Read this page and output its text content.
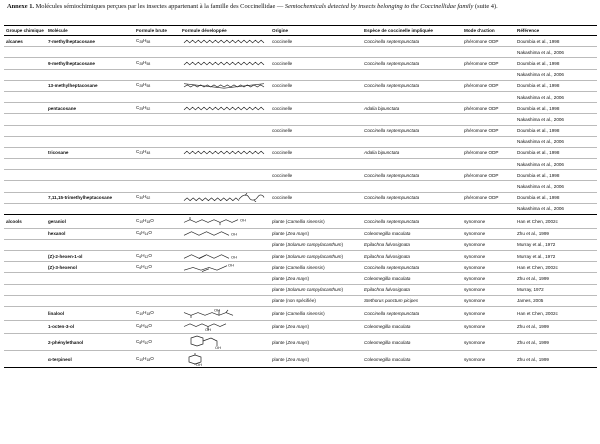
Annexe 1. Molécules sémiochimiques perçues par les insectes appartenant à la famille des Coccinellidae — Semiochemicals detected by insects belonging to the Coccinellidae family (suite 4).
Groupe chimique	Molécule	Formule brute	Formule développée	Origine	Espèce de coccinelle impliquée	Mode d'action	Référence
alcanes	7-methylheptacosane	$C_{28}H_{58}$		coccinelle	Coccinella septempunctata	phéromone ODP	Doumbia et al., 1998
							Nakashima et al., 2006
	9-methylheptacosane	$C_{28}H_{58}$		coccinelle	Coccinella septempunctata	phéromone ODP	Doumbia et al., 1998
							Nakashima et al., 2006
	13-methylheptacosane	$C_{28}H_{58}$		coccinelle	Coccinella septempunctata	phéromone ODP	Doumbia et al., 1998
							Nakashima et al., 2006
	pentacosane	$C_{25}H_{52}$		coccinelle	Adalia bipunctata	phéromone ODP	Doumbia et al., 1998
							Nakashima et al., 2006
				coccinelle	Coccinella septempunctata	phéromone ODP	Doumbia et al., 1998
							Nakashima et al., 2006
	tricosane	$C_{23}H_{48}$		coccinelle	Adalia bipunctata	phéromone ODP	Doumbia et al., 1998
							Nakashima et al., 2006
				coccinelle	Coccinella septempunctata	phéromone ODP	Doumbia et al., 1998
							Nakashima et al., 2006
	7,11,15-trimethylheptacosane	$C_{30}H_{62}$		coccinelle	Coccinella septempunctata	phéromone ODP	Doumbia et al., 1998
							Nakashima et al., 2006
alcools	geraniol	$C_{10}H_{18}O$	OH	plante (Camellia sinensis)	Coccinella septempunctata	synomone	Han et Chen, 2002c
	hexanol	$C_6H_{14}O$	OH	plante (Zea mays)	Coleomegilla maculata	synomone	Zhu et al., 1999
				plante (Solanum campylacanthum)	Epilachna fulvosignata	synomone	Murray et al., 1972
	(Z)-2-hexen-1-ol	$C_6H_{12}O$	OH	plante (Solanum campylacanthum)	Epilachna fulvosignata	synomone	Murray et al., 1972
	(Z)-3-hexenol	$C_6H_{12}O$	OH	plante (Camellia sinensis)	Coccinella septempunctata	synomone	Han et Chen, 2002c
				plante (Zea mays)	Coleomegilla maculata	synomone	Zhu et al., 1999
				plante (Solanum campylacanthum)	Epilachna fulvosignata	synomone	Murray, 1972
				plante (non spécifiée)	Stethorus punctum picipes	synomone	James, 2005
	linalool	$C_{10}H_{18}O$	OH	plante (Camellia sinensis)	Coccinella septempunctata	synomone	Han et Chen, 2002c
	1-octen-3-ol	$C_8H_{16}O$	OH	plante (Zea mays)	Coleomegilla maculata	synomone	Zhu et al., 1999
	2-phénylethanol	$C_8H_{10}O$	OH	plante (Zea mays)	Coleomegilla maculata	synomone	Zhu et al., 1999
	α-terpineol	$C_{10}H_{18}O$	OH	plante (Zea mays)	Coleomegilla maculata	synomone	Zhu et al., 1999
